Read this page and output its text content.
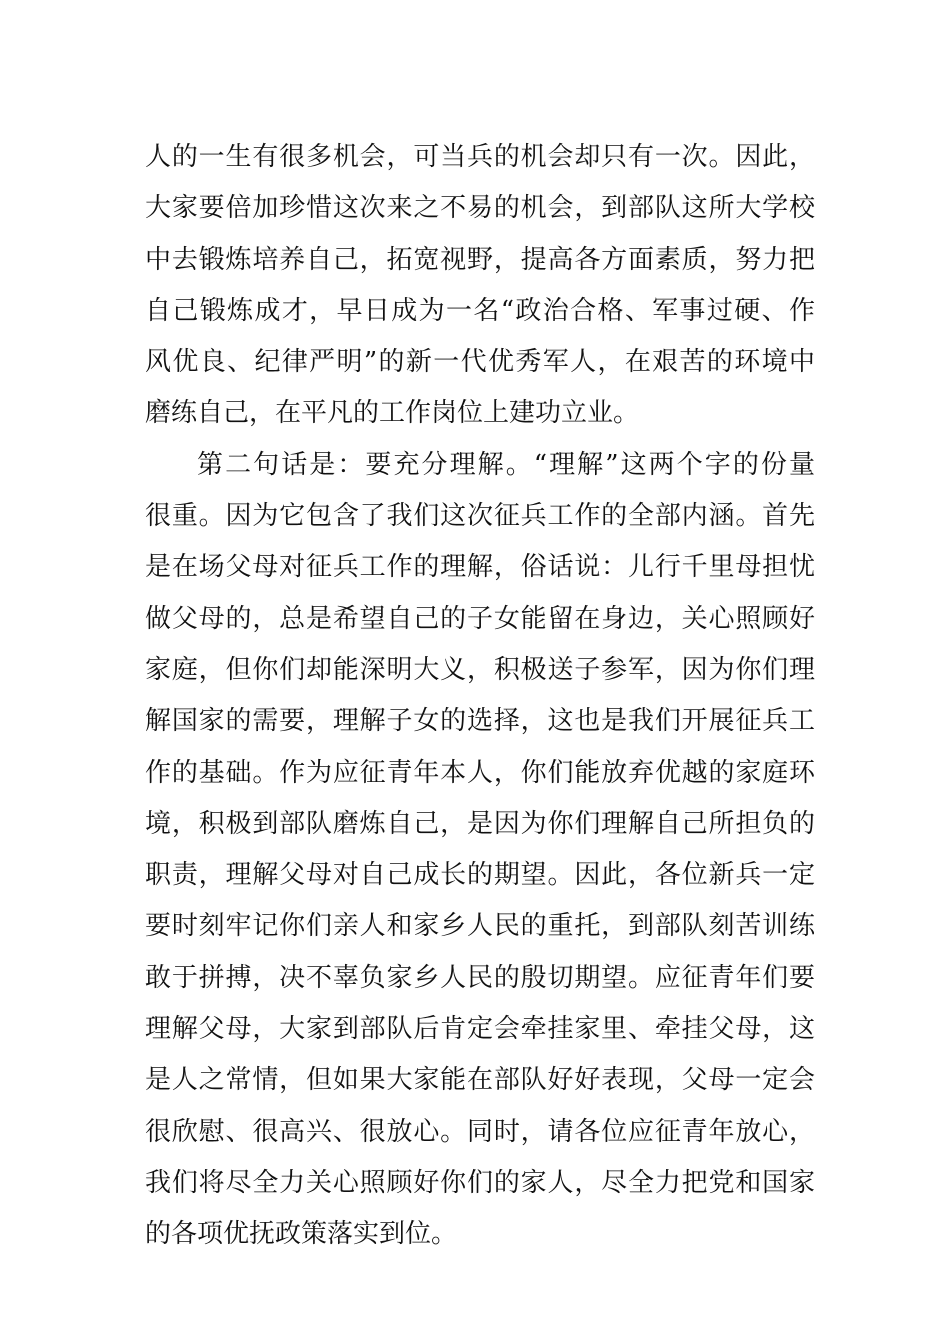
人的一生有很多机会，可当兵的机会却只有一次。因此，
大家要倍加珍惜这次来之不易的机会，到部队这所大学校
中去锻炼培养自己，拓宽视野，提高各方面素质，努力把
自己锻炼成才，早日成为一名“政治合格、军事过硬、作
风优良、纪律严明”的新一代优秀军人，在艰苦的环境中
磨练自己，在平凡的工作岗位上建功立业。
第二句话是：要充分理解。“理解”这两个字的份量
很重。因为它包含了我们这次征兵工作的全部内涵。首先
是在场父母对征兵工作的理解，俗话说：儿行千里母担忧
做父母的，总是希望自己的子女能留在身边，关心照顾好
家庭，但你们却能深明大义，积极送子参军，因为你们理
解国家的需要，理解子女的选择，这也是我们开展征兵工
作的基础。作为应征青年本人，你们能放弃优越的家庭环
境，积极到部队磨炼自己，是因为你们理解自己所担负的
职责，理解父母对自己成长的期望。因此，各位新兵一定
要时刻牢记你们亲人和家乡人民的重托，到部队刻苦训练
敢于拼搏，决不辜负家乡人民的殷切期望。应征青年们要
理解父母，大家到部队后肯定会牵挂家里、牵挂父母，这
是人之常情，但如果大家能在部队好好表现，父母一定会
很欣慰、很高兴、很放心。同时，请各位应征青年放心，
我们将尽全力关心照顾好你们的家人，尽全力把党和国家
的各项优抚政策落实到位。
